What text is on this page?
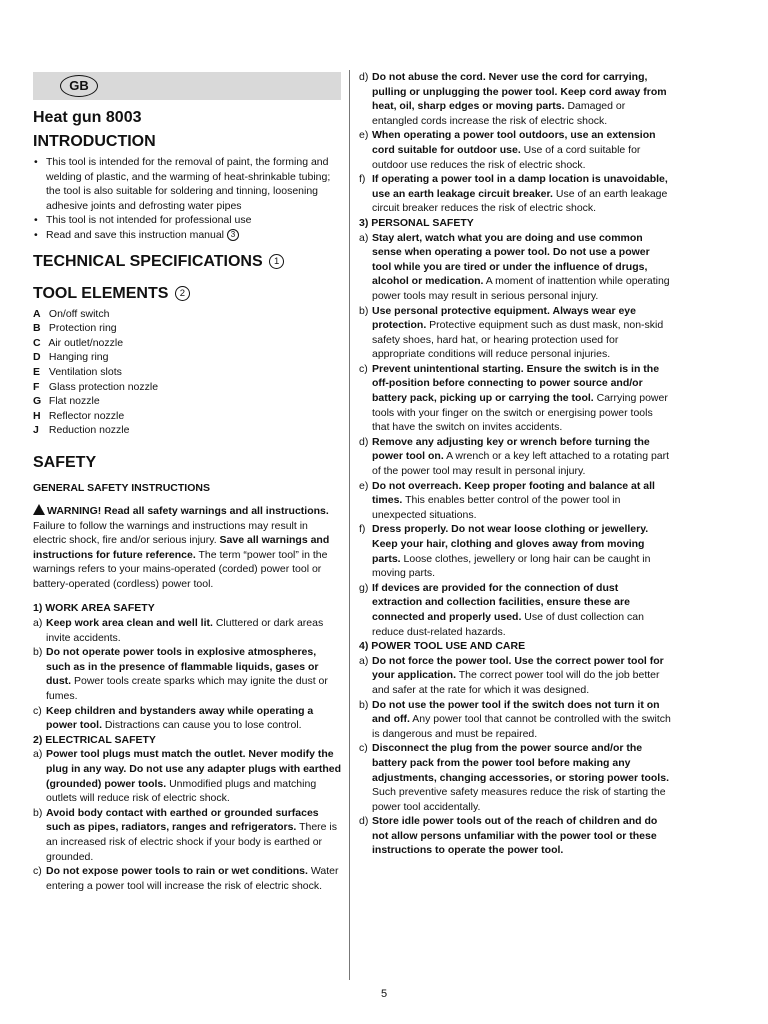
GB
Heat gun 8003
INTRODUCTION
• This tool is intended for the removal of paint, the forming and welding of plastic, and the warming of heat-shrinkable tubing; the tool is also suitable for soldering and tinning, loosening adhesive joints and defrosting water pipes
• This tool is not intended for professional use
• Read and save this instruction manual 3
TECHNICAL SPECIFICATIONS 1
TOOL ELEMENTS 2
A On/off switch
B Protection ring
C Air outlet/nozzle
D Hanging ring
E Ventilation slots
F Glass protection nozzle
G Flat nozzle
H Reflector nozzle
J Reduction nozzle
SAFETY
GENERAL SAFETY INSTRUCTIONS
WARNING! Read all safety warnings and all instructions. Failure to follow the warnings and instructions may result in electric shock, fire and/or serious injury. Save all warnings and instructions for future reference. The term “power tool” in the warnings refers to your mains-operated (corded) power tool or battery-operated (cordless) power tool.
1) WORK AREA SAFETY
a) Keep work area clean and well lit. Cluttered or dark areas invite accidents.
b) Do not operate power tools in explosive atmospheres, such as in the presence of flammable liquids, gases or dust. Power tools create sparks which may ignite the dust or fumes.
c) Keep children and bystanders away while operating a power tool. Distractions can cause you to lose control.
2) ELECTRICAL SAFETY
a) Power tool plugs must match the outlet. Never modify the plug in any way. Do not use any adapter plugs with earthed (grounded) power tools. Unmodified plugs and matching outlets will reduce risk of electric shock.
b) Avoid body contact with earthed or grounded surfaces such as pipes, radiators, ranges and refrigerators. There is an increased risk of electric shock if your body is earthed or grounded.
c) Do not expose power tools to rain or wet conditions. Water entering a power tool will increase the risk of electric shock.
d) Do not abuse the cord. Never use the cord for carrying, pulling or unplugging the power tool. Keep cord away from heat, oil, sharp edges or moving parts. Damaged or entangled cords increase the risk of electric shock.
e) When operating a power tool outdoors, use an extension cord suitable for outdoor use. Use of a cord suitable for outdoor use reduces the risk of electric shock.
f) If operating a power tool in a damp location is unavoidable, use an earth leakage circuit breaker. Use of an earth leakage circuit breaker reduces the risk of electric shock.
3) PERSONAL SAFETY
a) Stay alert, watch what you are doing and use common sense when operating a power tool. Do not use a power tool while you are tired or under the influence of drugs, alcohol or medication. A moment of inattention while operating power tools may result in serious personal injury.
b) Use personal protective equipment. Always wear eye protection. Protective equipment such as dust mask, non-skid safety shoes, hard hat, or hearing protection used for appropriate conditions will reduce personal injuries.
c) Prevent unintentional starting. Ensure the switch is in the off-position before connecting to power source and/or battery pack, picking up or carrying the tool. Carrying power tools with your finger on the switch or energising power tools that have the switch on invites accidents.
d) Remove any adjusting key or wrench before turning the power tool on. A wrench or a key left attached to a rotating part of the power tool may result in personal injury.
e) Do not overreach. Keep proper footing and balance at all times. This enables better control of the power tool in unexpected situations.
f) Dress properly. Do not wear loose clothing or jewellery. Keep your hair, clothing and gloves away from moving parts. Loose clothes, jewellery or long hair can be caught in moving parts.
g) If devices are provided for the connection of dust extraction and collection facilities, ensure these are connected and properly used. Use of dust collection can reduce dust-related hazards.
4) POWER TOOL USE AND CARE
a) Do not force the power tool. Use the correct power tool for your application. The correct power tool will do the job better and safer at the rate for which it was designed.
b) Do not use the power tool if the switch does not turn it on and off. Any power tool that cannot be controlled with the switch is dangerous and must be repaired.
c) Disconnect the plug from the power source and/or the battery pack from the power tool before making any adjustments, changing accessories, or storing power tools. Such preventive safety measures reduce the risk of starting the power tool accidentally.
d) Store idle power tools out of the reach of children and do not allow persons unfamiliar with the power tool or these instructions to operate the power tool.
5
